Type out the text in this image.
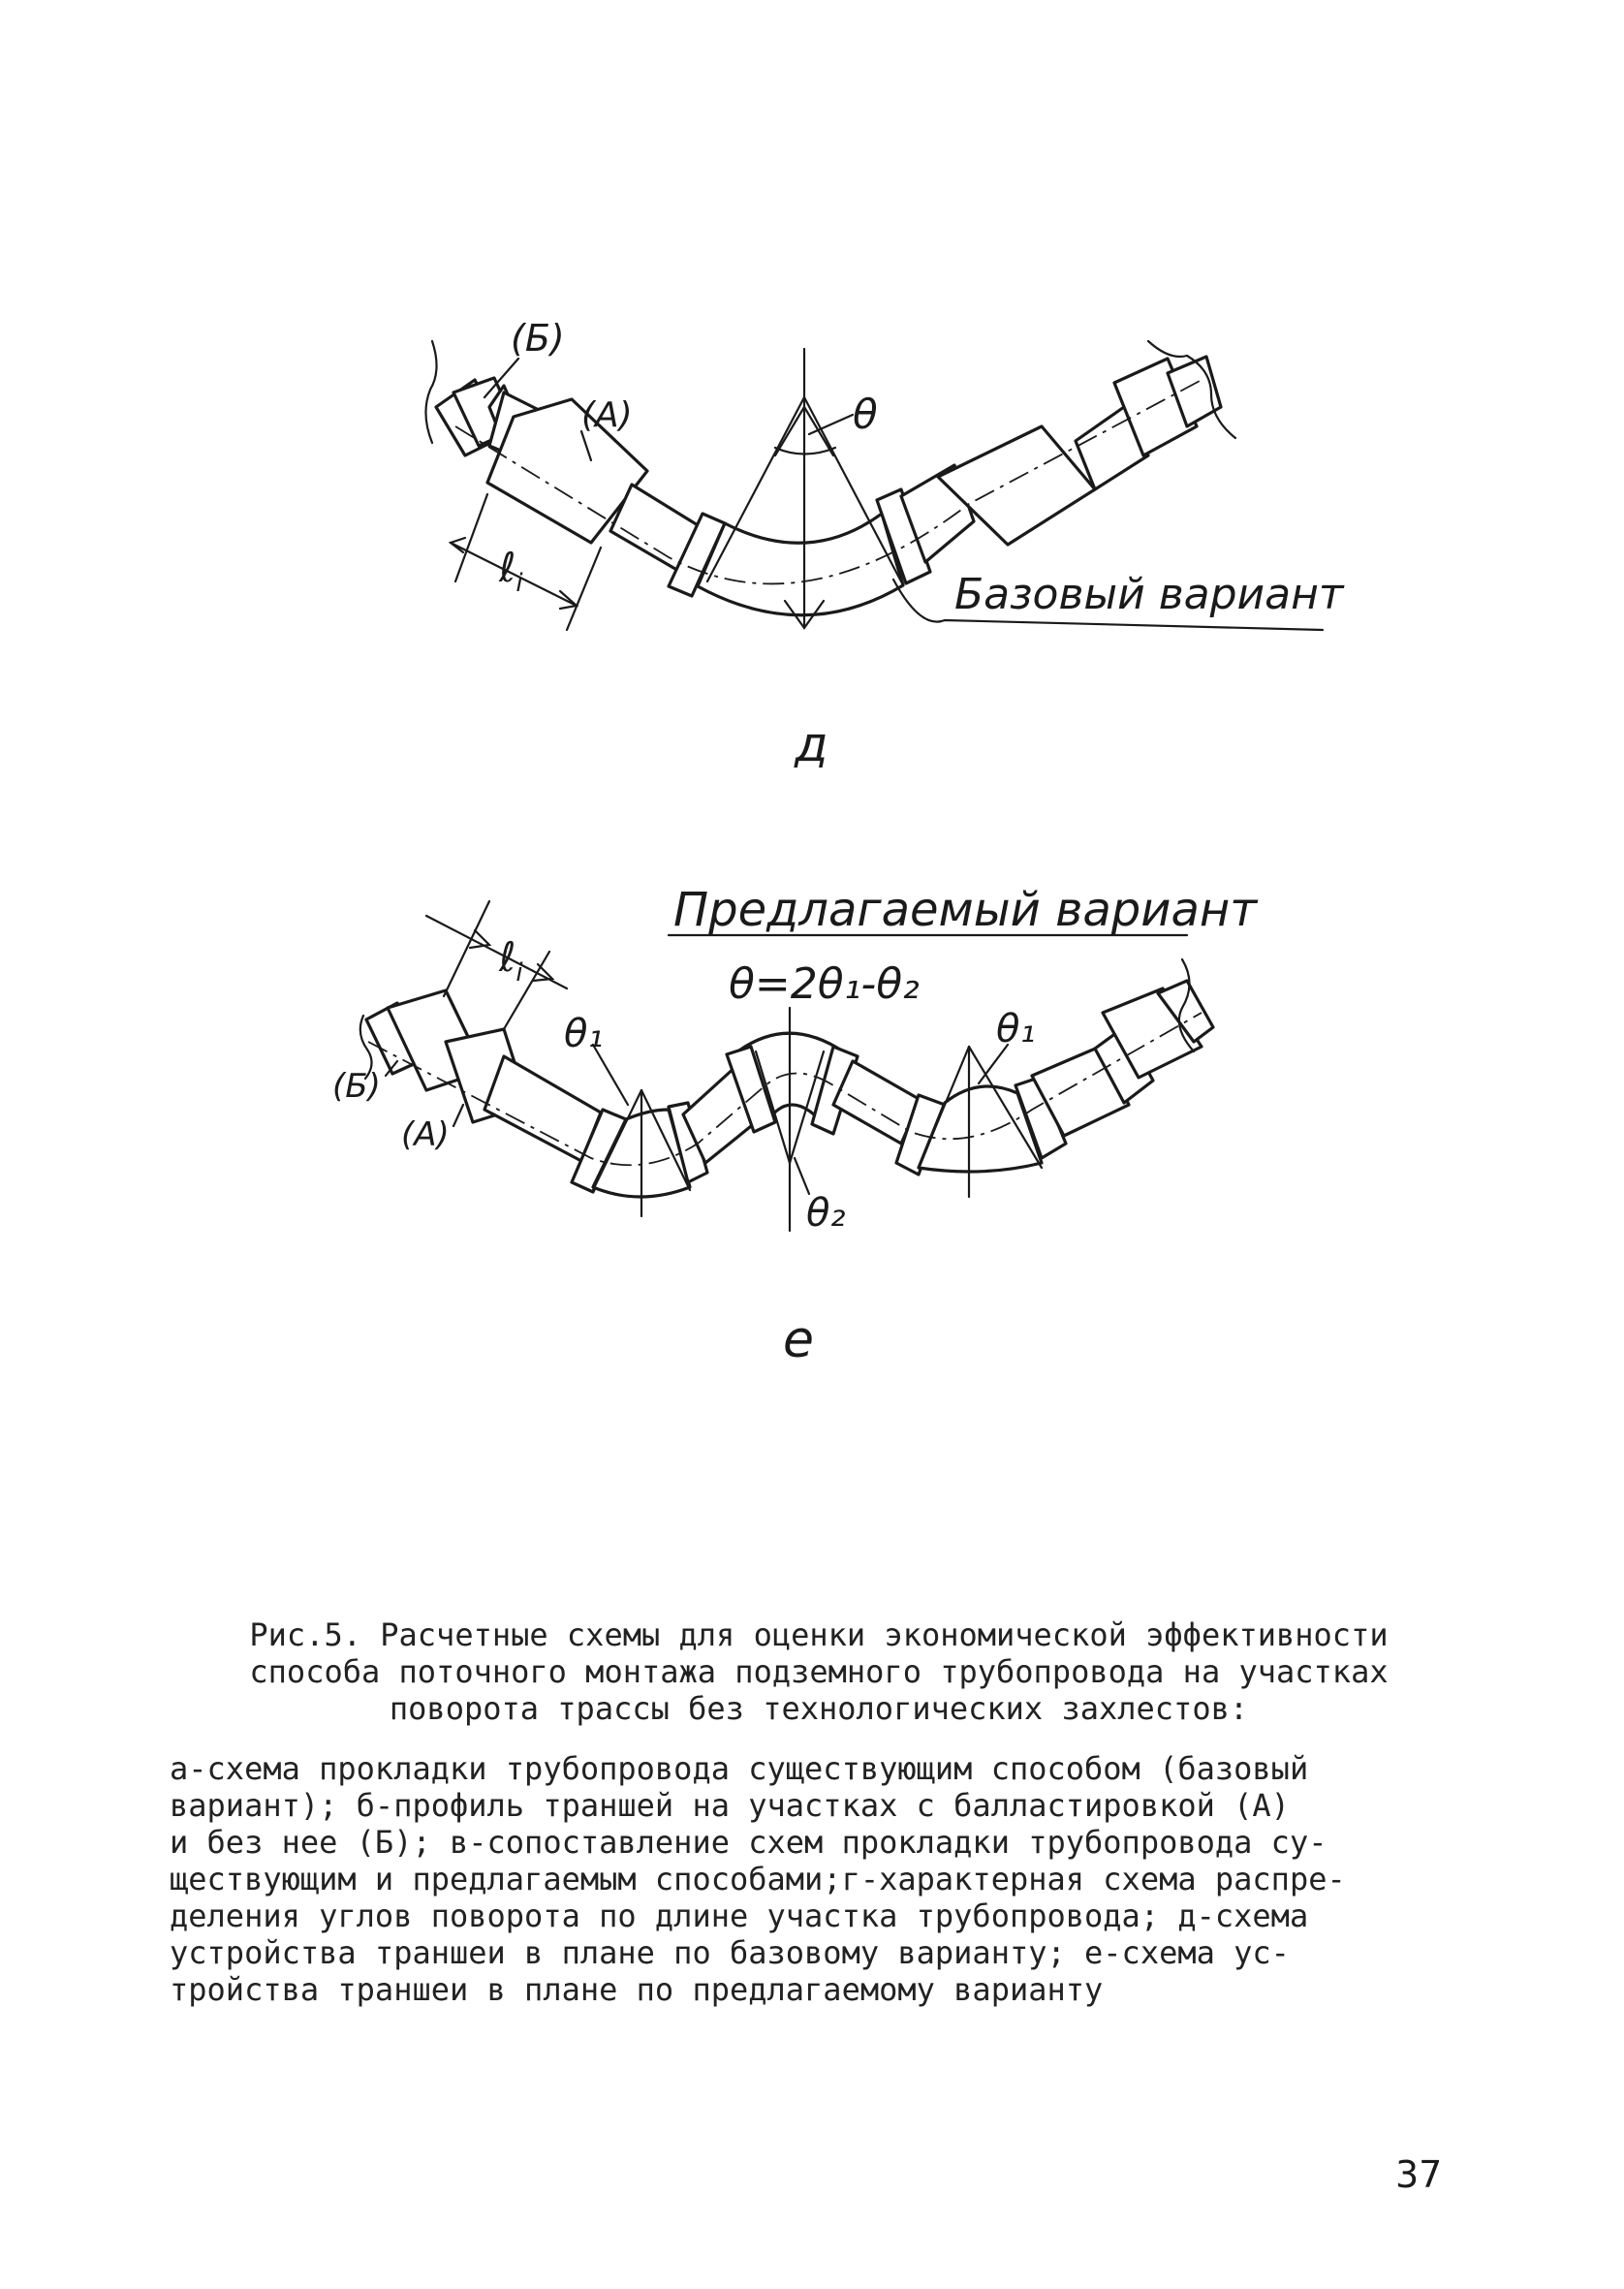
(Б)
(А)	θ
ℓ$_i$	Базовый вариант
д
Предлагаемый вариант
θ=2θ₁-θ₂
ℓ$_i$
θ₁	θ₁
θ₂
(Б)
(А)
е
Рис.5. Расчетные схемы для оценки экономической эффективности
способа поточного монтажа подземного трубопровода на участках
поворота трассы без технологических захлестов:
а-схема прокладки трубопровода существующим способом (базовый
вариант); б-профиль траншей на участках с балластировкой (А)
и без нее (Б); в-сопоставление схем прокладки трубопровода су-
ществующим и предлагаемым способами;г-характерная схема распре-
деления углов поворота по длине участка трубопровода; д-схема
устройства траншеи в плане по базовому варианту; е-схема ус-
тройства траншеи в плане по предлагаемому варианту
37
